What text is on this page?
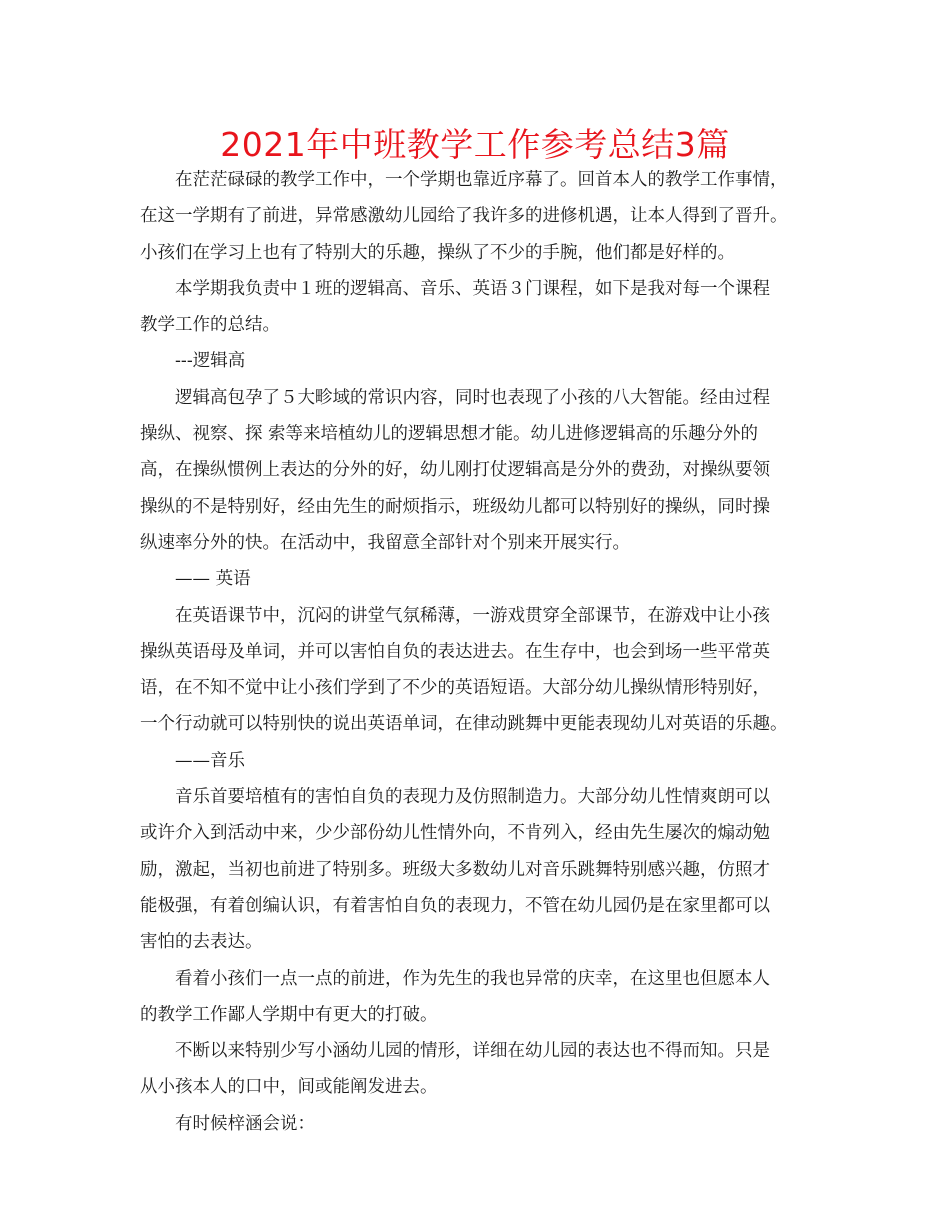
2021年中班教学工作参考总结3篇
在茫茫碌碌的教学工作中，一个学期也靠近序幕了。回首本人的教学工作事情，
在这一学期有了前进，异常感激幼儿园给了我许多的进修机遇，让本人得到了晋升。
小孩们在学习上也有了特别大的乐趣，操纵了不少的手腕，他们都是好样的。
本学期我负责中１班的逻辑高、音乐、英语３门课程，如下是我对每一个课程
教学工作的总结。
---逻辑高
逻辑高包孕了５大畛域的常识内容，同时也表现了小孩的八大智能。经由过程
操纵、视察、探 索等来培植幼儿的逻辑思想才能。幼儿进修逻辑高的乐趣分外的
高，在操纵惯例上表达的分外的好，幼儿刚打仗逻辑高是分外的费劲，对操纵要领
操纵的不是特别好，经由先生的耐烦指示，班级幼儿都可以特别好的操纵，同时操
纵速率分外的快。在活动中，我留意全部针对个别来开展实行。
—— 英语
在英语课节中，沉闷的讲堂气氛稀薄，一游戏贯穿全部课节，在游戏中让小孩
操纵英语母及单词，并可以害怕自负的表达进去。在生存中，也会到场一些平常英
语，在不知不觉中让小孩们学到了不少的英语短语。大部分幼儿操纵情形特别好，
一个行动就可以特别快的说出英语单词，在律动跳舞中更能表现幼儿对英语的乐趣。
——音乐
音乐首要培植有的害怕自负的表现力及仿照制造力。大部分幼儿性情爽朗可以
或许介入到活动中来，少少部份幼儿性情外向，不肯列入，经由先生屡次的煽动勉
励，激起，当初也前进了特别多。班级大多数幼儿对音乐跳舞特别感兴趣，仿照才
能极强，有着创编认识，有着害怕自负的表现力，不管在幼儿园仍是在家里都可以
害怕的去表达。
看着小孩们一点一点的前进，作为先生的我也异常的庆幸，在这里也但愿本人
的教学工作鄙人学期中有更大的打破。
不断以来特别少写小涵幼儿园的情形，详细在幼儿园的表达也不得而知。只是
从小孩本人的口中，间或能阐发进去。
有时候梓涵会说：
